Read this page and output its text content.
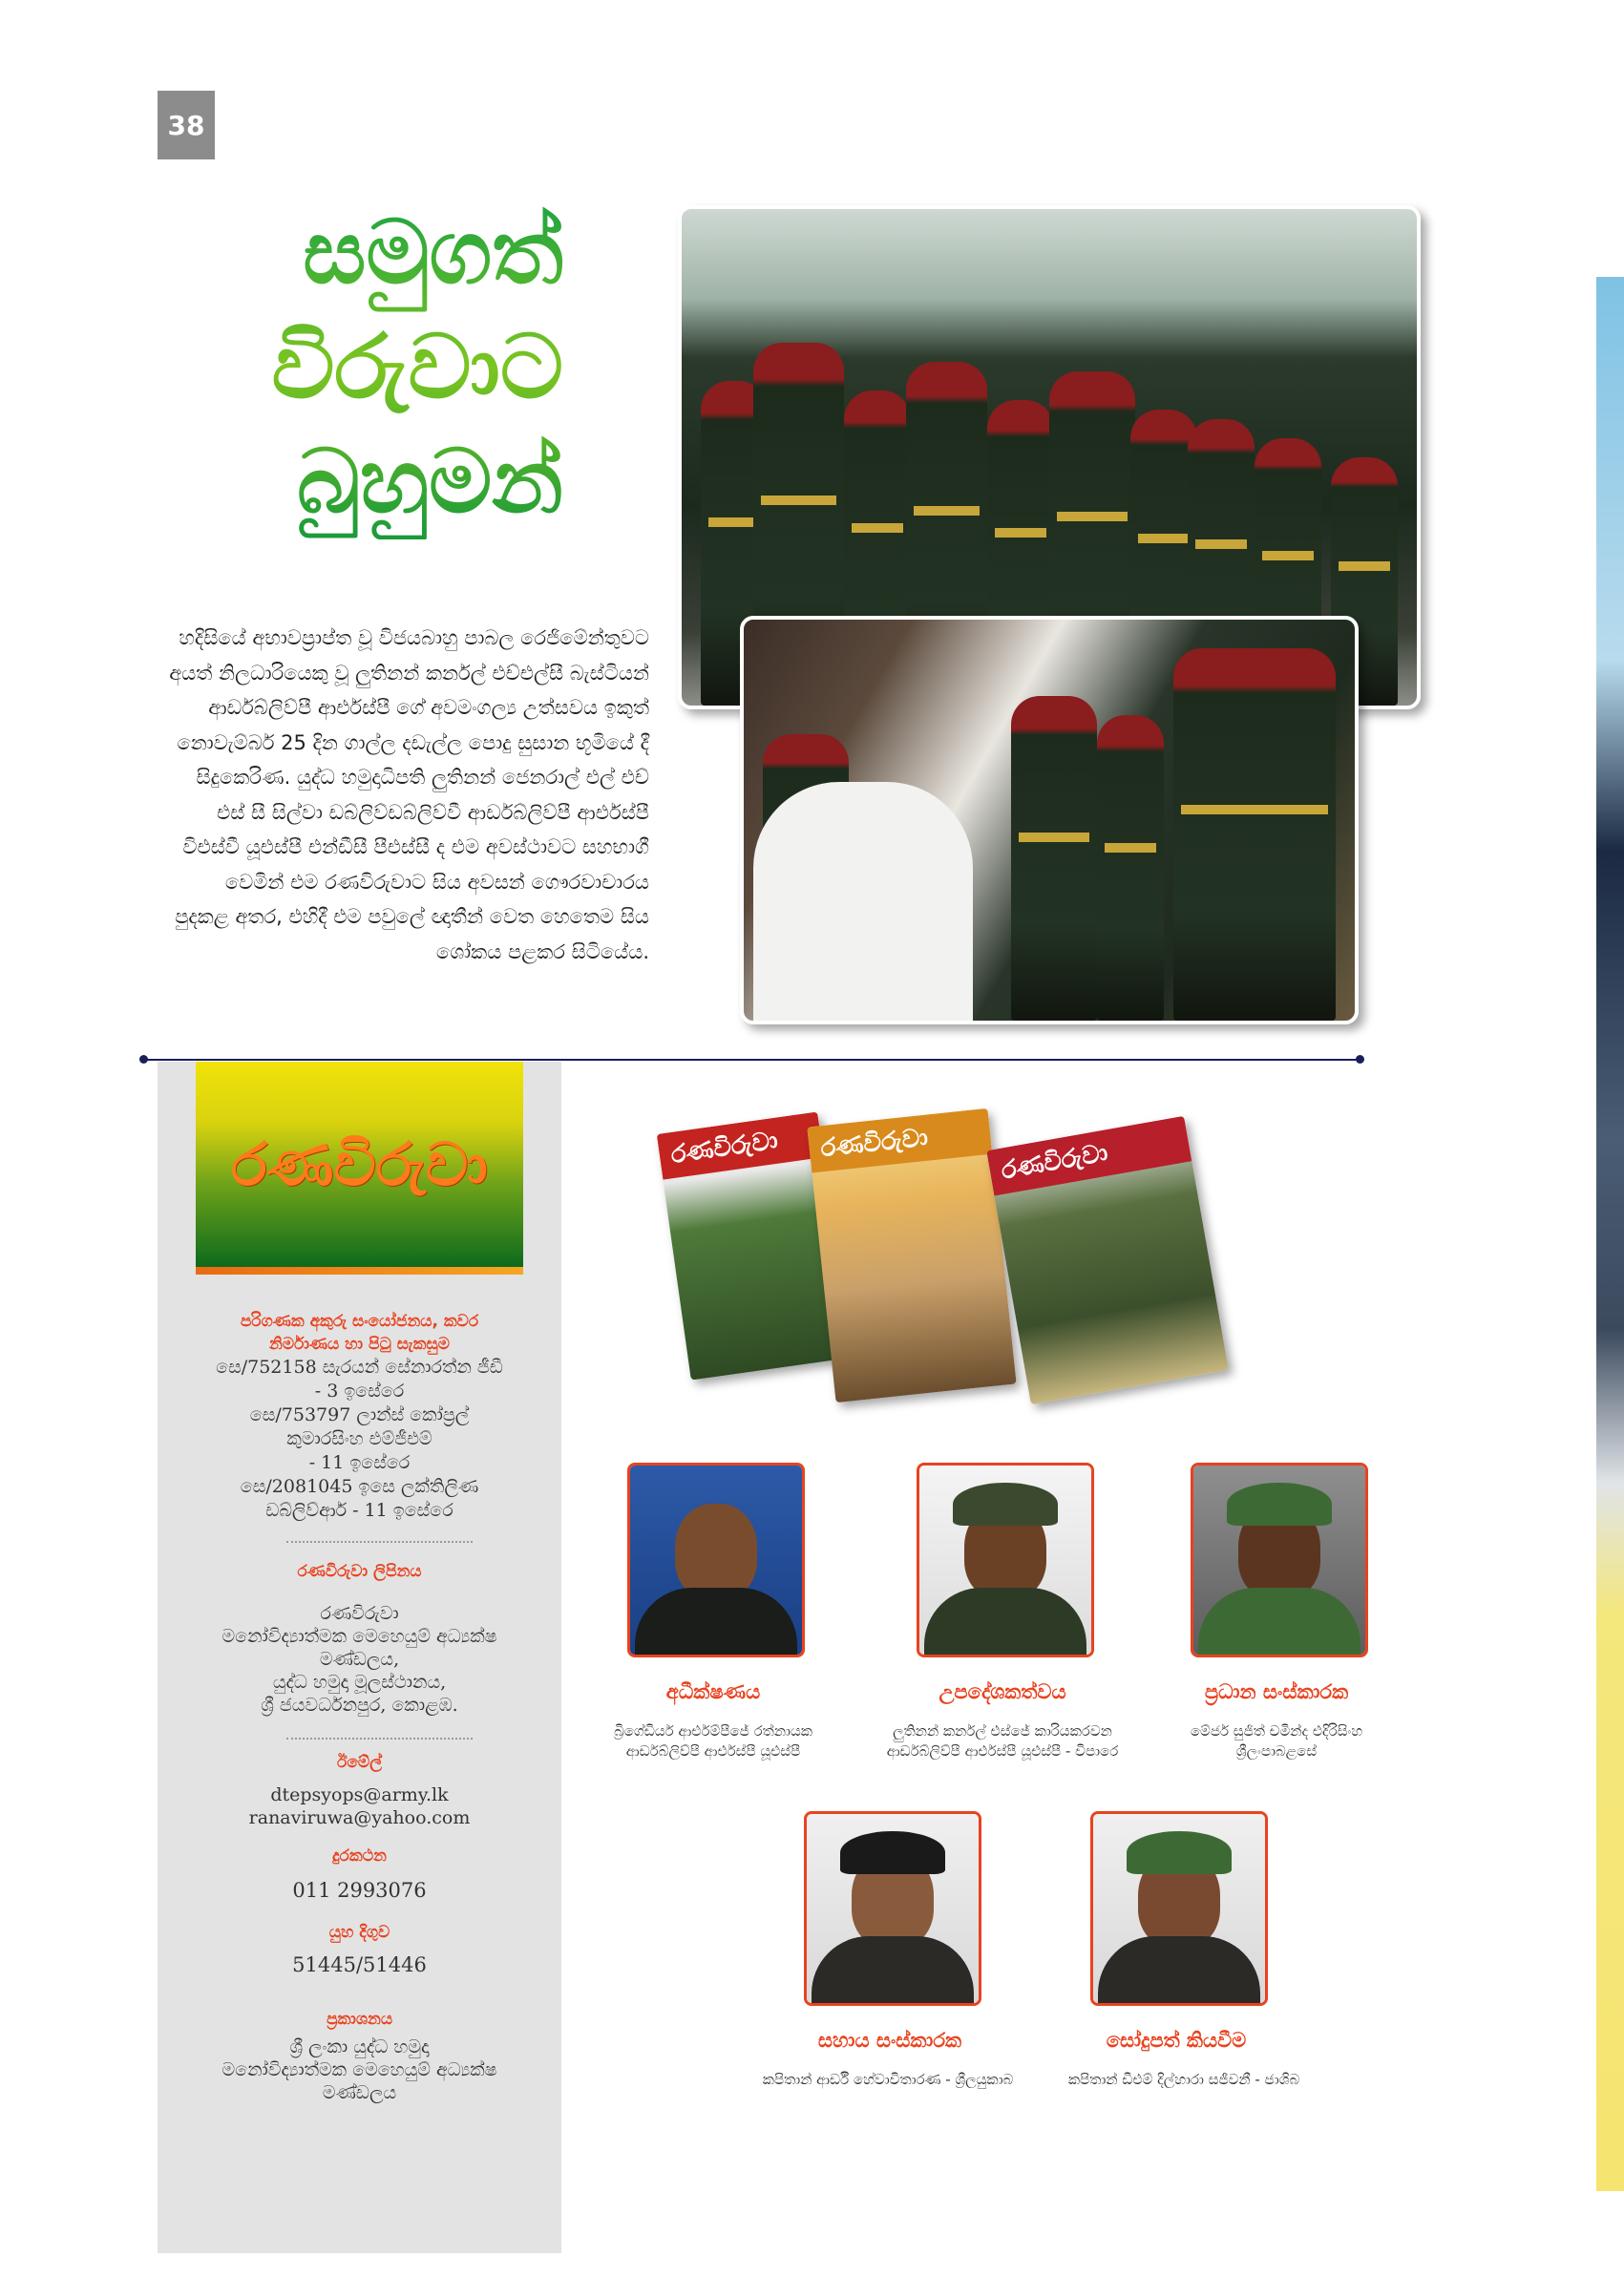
38
සමුගත්
විරුවාට
බුහුමන්
හදිසියේ අභාවප්‍රාප්ත වූ විජයබාහු පාබල රෙජිමේන්තුවට අයත් නිලධාරියෙකු වූ ලුතිනන් කර්නල් එච්එල්සී බැස්ටියන් ආර්ඩබ්ලිව්පී ආර්එස්පී ගේ අවමංගල්‍ය උත්සවය ඉකුත් නොවැම්බර් 25 දින ගාල්ල දඩැල්ල පොදු සුසාන භූමියේ දී සිදුකෙරිණ. යුද්ධ හමුදාධිපති ලුතිනන් ජෙනරාල් එල් එච් එස් සී සිල්වා ඩබ්ලිව්ඩබ්ලිව්වී ආර්ඩබ්ලිව්පී ආර්එස්පී විඑස්වී යූඑස්පී එන්ඩීසී පීඑස්සී ද එම අවස්ථාවට සහභාගී වෙමින් එම රණවිරුවාට සිය අවසන් ගෞරවාචාරය පුදකළ අතර, එහිදී එම පවුලේ ඥාතීන් වෙත හෙතෙම සිය ශෝකය පළකර සිටියේය.
රණවිරුවා
පරිගණක අකුරු සංයෝජනය, කවර නිර්මාණය හා පිටු සැකසුම
සෙ/752158 සැරයන් සේනාරත්න ජීඩී
- 3 ඉසේරෙ
සෙ/753797 ලාන්ස් කෝප්‍රල්
කුමාරසිංහ එම්ජීඑම්
- 11 ඉසේරෙ
සෙ/2081045 ඉසෙ ලක්තිලිණ
ඩබ්ලිව්ආර් - 11 ඉසේරෙ
රණවිරුවා ලිපිනය
රණවිරුවා
මනෝවිද්‍යාත්මක මෙහෙයුම් අධ්‍යක්ෂ
මණ්ඩලය,
යුද්ධ හමුදා මූලස්ථානය,
ශ්‍රී ජයවර්ධනපුර, කොළඹ.
ඊමේල්
dtepsyops@army.lk
ranaviruwa@yahoo.com
දුරකථන
011 2993076
යුහ දිගුව
51445/51446
ප්‍රකාශනය
ශ්‍රී ලංකා යුද්ධ හමුදා
මනෝවිද්‍යාත්මක මෙහෙයුම් අධ්‍යක්ෂ
මණ්ඩලය
රණවිරුවා	රණවිරුවා	රණවිරුවා
අධීක්ෂණය
බ්‍රිගේඩියර් ආර්එම්පීජේ රත්නායක
ආර්ඩබ්ලිව්පී ආර්එස්පී යූඑස්පී
උපදේශකත්වය
ලුතිනන් කර්නල් එස්ජේ කාරියකරවන
ආර්ඩබ්ලිව්පී ආර්එස්පී යූඑස්පී - විපාරෙ
ප්‍රධාන සංස්කාරක
මේජර් සුජිත් චමින්ද එදිරිසිංහ
ශ්‍රීලංපාබළසේ
සහාය සංස්කාරක
කපිතාන් ආර්ඩී හේවාවිතාරණ - ශ්‍රීලයුකාබ
සෝදුපත් කියවීම
කපිතාන් ඩීඑම් දිල්හාරා සජීවනී - ජාශිබ
